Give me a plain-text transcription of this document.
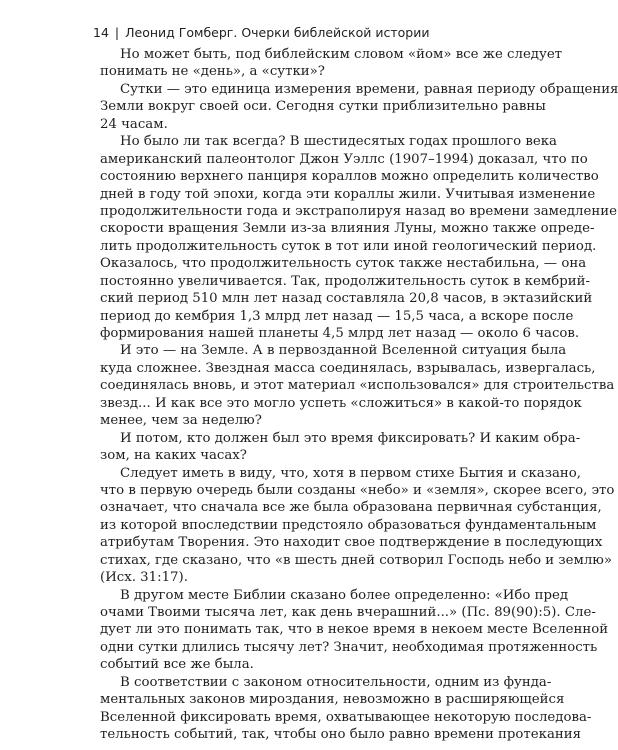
14 | Леонид Гомберг. Очерки библейской истории
Но может быть, под библейским словом «йом» все же следует
понимать не «день», а «сутки»?
Сутки — это единица измерения времени, равная периоду обращения
Земли вокруг своей оси. Сегодня сутки приблизительно равны
24 часам.
Но было ли так всегда? В шестидесятых годах прошлого века
американский палеонтолог Джон Уэллс (1907–1994) доказал, что по
состоянию верхнего панциря кораллов можно определить количество
дней в году той эпохи, когда эти кораллы жили. Учитывая изменение
продолжительности года и экстраполируя назад во времени замедление
скорости вращения Земли из-за влияния Луны, можно также опреде-
лить продолжительность суток в тот или иной геологический период.
Оказалось, что продолжительность суток также нестабильна, — она
постоянно увеличивается. Так, продолжительность суток в кембрий-
ский период 510 млн лет назад составляла 20,8 часов, в эктазийский
период до кембрия 1,3 млрд лет назад — 15,5 часа, а вскоре после
формирования нашей планеты 4,5 млрд лет назад — около 6 часов.
И это — на Земле. А в первозданной Вселенной ситуация была
куда сложнее. Звездная масса соединялась, взрывалась, извергалась,
соединялась вновь, и этот материал «использовался» для строительства
звезд... И как все это могло успеть «сложиться» в какой-то порядок
менее, чем за неделю?
И потом, кто должен был это время фиксировать? И каким обра-
зом, на каких часах?
Следует иметь в виду, что, хотя в первом стихе Бытия и сказано,
что в первую очередь были созданы «небо» и «земля», скорее всего, это
означает, что сначала все же была образована первичная субстанция,
из которой впоследствии предстояло образоваться фундаментальным
атрибутам Творения. Это находит свое подтверждение в последующих
стихах, где сказано, что «в шесть дней сотворил Господь небо и землю»
(Исх. 31:17).
В другом месте Библии сказано более определенно: «Ибо пред
очами Твоими тысяча лет, как день вчерашний...» (Пс. 89(90):5). Сле-
дует ли это понимать так, что в некое время в некоем месте Вселенной
одни сутки длились тысячу лет? Значит, необходимая протяженность
событий все же была.
В соответствии с законом относительности, одним из фунда-
ментальных законов мироздания, невозможно в расширяющейся
Вселенной фиксировать время, охватывающее некоторую последова-
тельность событий, так, чтобы оно было равно времени протекания
